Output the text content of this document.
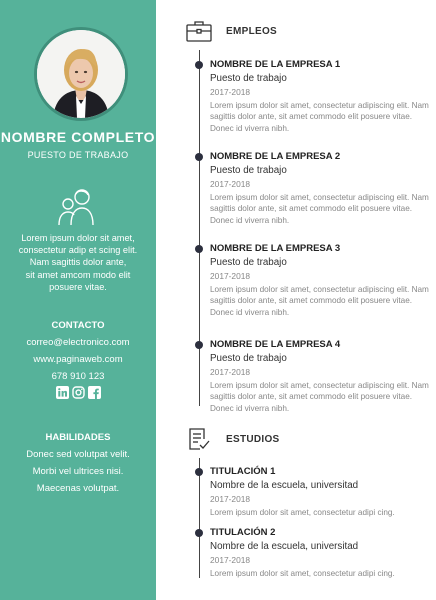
NOMBRE COMPLETO
PUESTO DE TRABAJO
Lorem ipsum dolor sit amet,
consectetur adip et scing elit.
Nam sagittis dolor ante,
sit amet amcom modo elit
posuere vitae.
CONTACTO
correo@electronico.com
www.paginaweb.com
678 910 123
HABILIDADES
Donec sed volutpat velit.
Morbi vel ultrices nisi.
Maecenas volutpat.
EMPLEOS
NOMBRE DE LA EMPRESA 1
Puesto de trabajo
2017-2018
Lorem ipsum dolor sit amet, consectetur adipiscing elit. Nam sagittis dolor ante, sit amet commodo elit posuere vitae. Donec id viverra nibh.
NOMBRE DE LA EMPRESA 2
Puesto de trabajo
2017-2018
Lorem ipsum dolor sit amet, consectetur adipiscing elit. Nam sagittis dolor ante, sit amet commodo elit posuere vitae. Donec id viverra nibh.
NOMBRE DE LA EMPRESA 3
Puesto de trabajo
2017-2018
Lorem ipsum dolor sit amet, consectetur adipiscing elit. Nam sagittis dolor ante, sit amet commodo elit posuere vitae. Donec id viverra nibh.
NOMBRE DE LA EMPRESA 4
Puesto de trabajo
2017-2018
Lorem ipsum dolor sit amet, consectetur adipiscing elit. Nam sagittis dolor ante, sit amet commodo elit posuere vitae. Donec id viverra nibh.
ESTUDIOS
TITULACIÓN 1
Nombre de la escuela, universitad
2017-2018
Lorem ipsum dolor sit amet, consectetur adipi cing.
TITULACIÓN 2
Nombre de la escuela, universitad
2017-2018
Lorem ipsum dolor sit amet, consectetur adipi cing.
